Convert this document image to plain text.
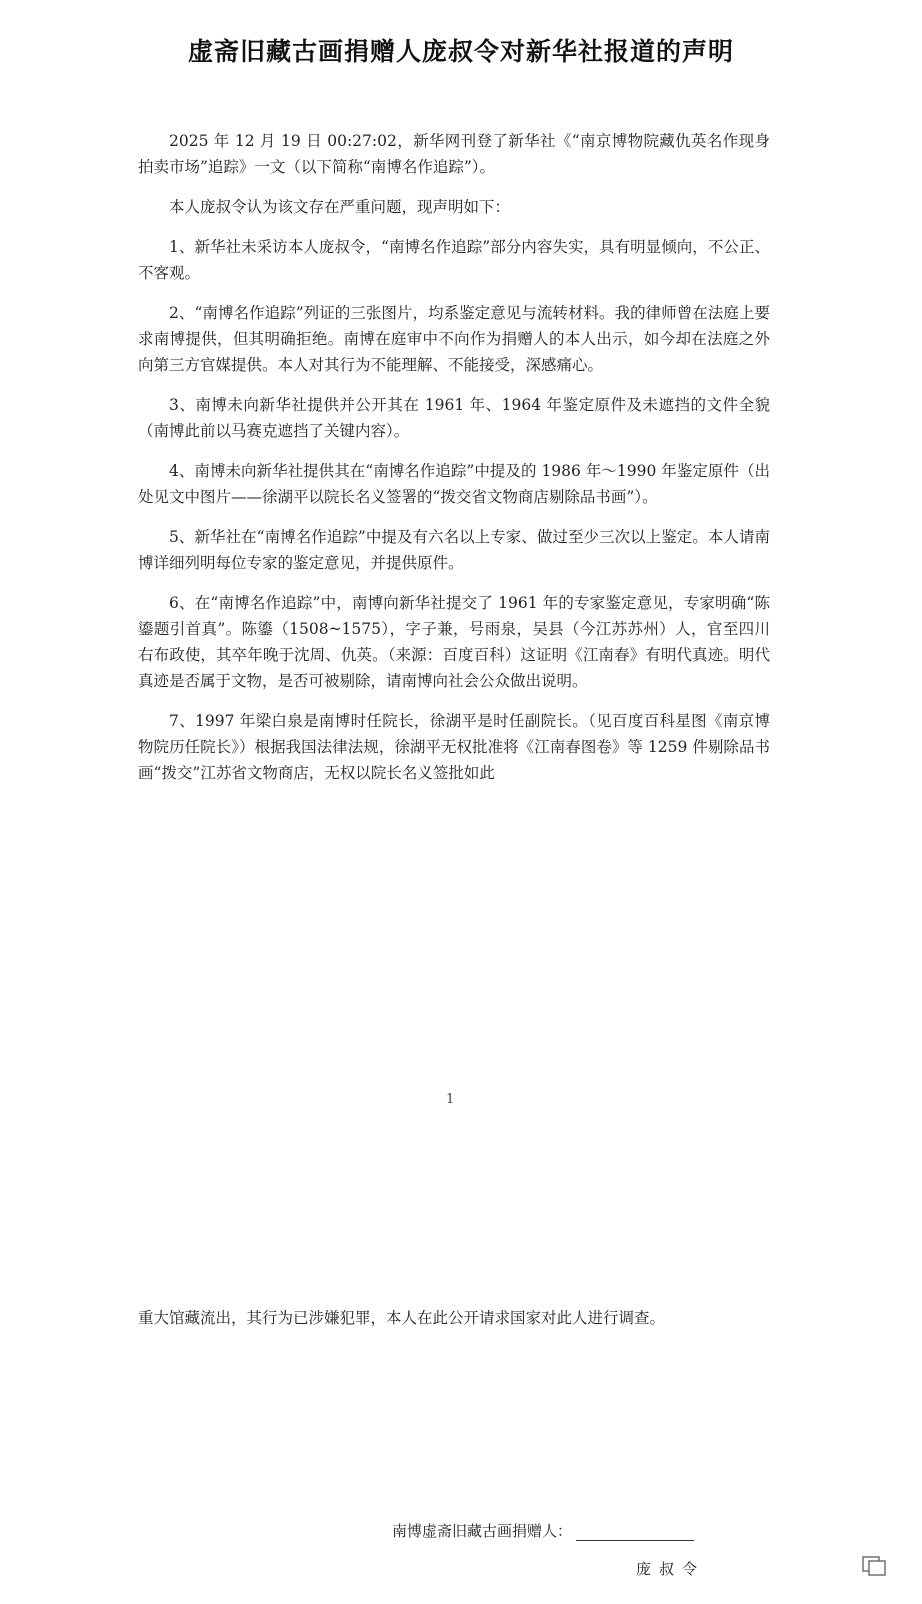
虚斋旧藏古画捐赠人庞叔令对新华社报道的声明

2025 年 12 月 19 日 00:27:02，新华网刊登了新华社《“南京博物院藏仇英名作现身拍卖市场”追踪》一文（以下简称“南博名作追踪”）。

本人庞叔令认为该文存在严重问题，现声明如下：

1、新华社未采访本人庞叔令，“南博名作追踪”部分内容失实，具有明显倾向，不公正、不客观。

2、“南博名作追踪”列证的三张图片，均系鉴定意见与流转材料。我的律师曾在法庭上要求南博提供，但其明确拒绝。南博在庭审中不向作为捐赠人的本人出示，如今却在法庭之外向第三方官媒提供。本人对其行为不能理解、不能接受，深感痛心。

3、南博未向新华社提供并公开其在 1961 年、1964 年鉴定原件及未遮挡的文件全貌（南博此前以马赛克遮挡了关键内容）。

4、南博未向新华社提供其在“南博名作追踪”中提及的 1986 年～1990 年鉴定原件（出处见文中图片——徐湖平以院长名义签署的“拨交省文物商店剔除品书画”）。

5、新华社在“南博名作追踪”中提及有六名以上专家、做过至少三次以上鉴定。本人请南博详细列明每位专家的鉴定意见，并提供原件。

6、在“南博名作追踪”中，南博向新华社提交了 1961 年的专家鉴定意见，专家明确“陈鎏题引首真”。陈鎏（1508~1575），字子兼，号雨泉，吴县（今江苏苏州）人，官至四川右布政使，其卒年晚于沈周、仇英。（来源：百度百科）这证明《江南春》有明代真迹。明代真迹是否属于文物，是否可被剔除，请南博向社会公众做出说明。

7、1997 年梁白泉是南博时任院长，徐湖平是时任副院长。（见百度百科星图《南京博物院历任院长》）根据我国法律法规，徐湖平无权批准将《江南春图卷》等 1259 件剔除品书画“拨交”江苏省文物商店，无权以院长名义签批如此

1
重大馆藏流出，其行为已涉嫌犯罪，本人在此公开请求国家对此人进行调查。
南博虚斋旧藏古画捐赠人：
庞叔令
